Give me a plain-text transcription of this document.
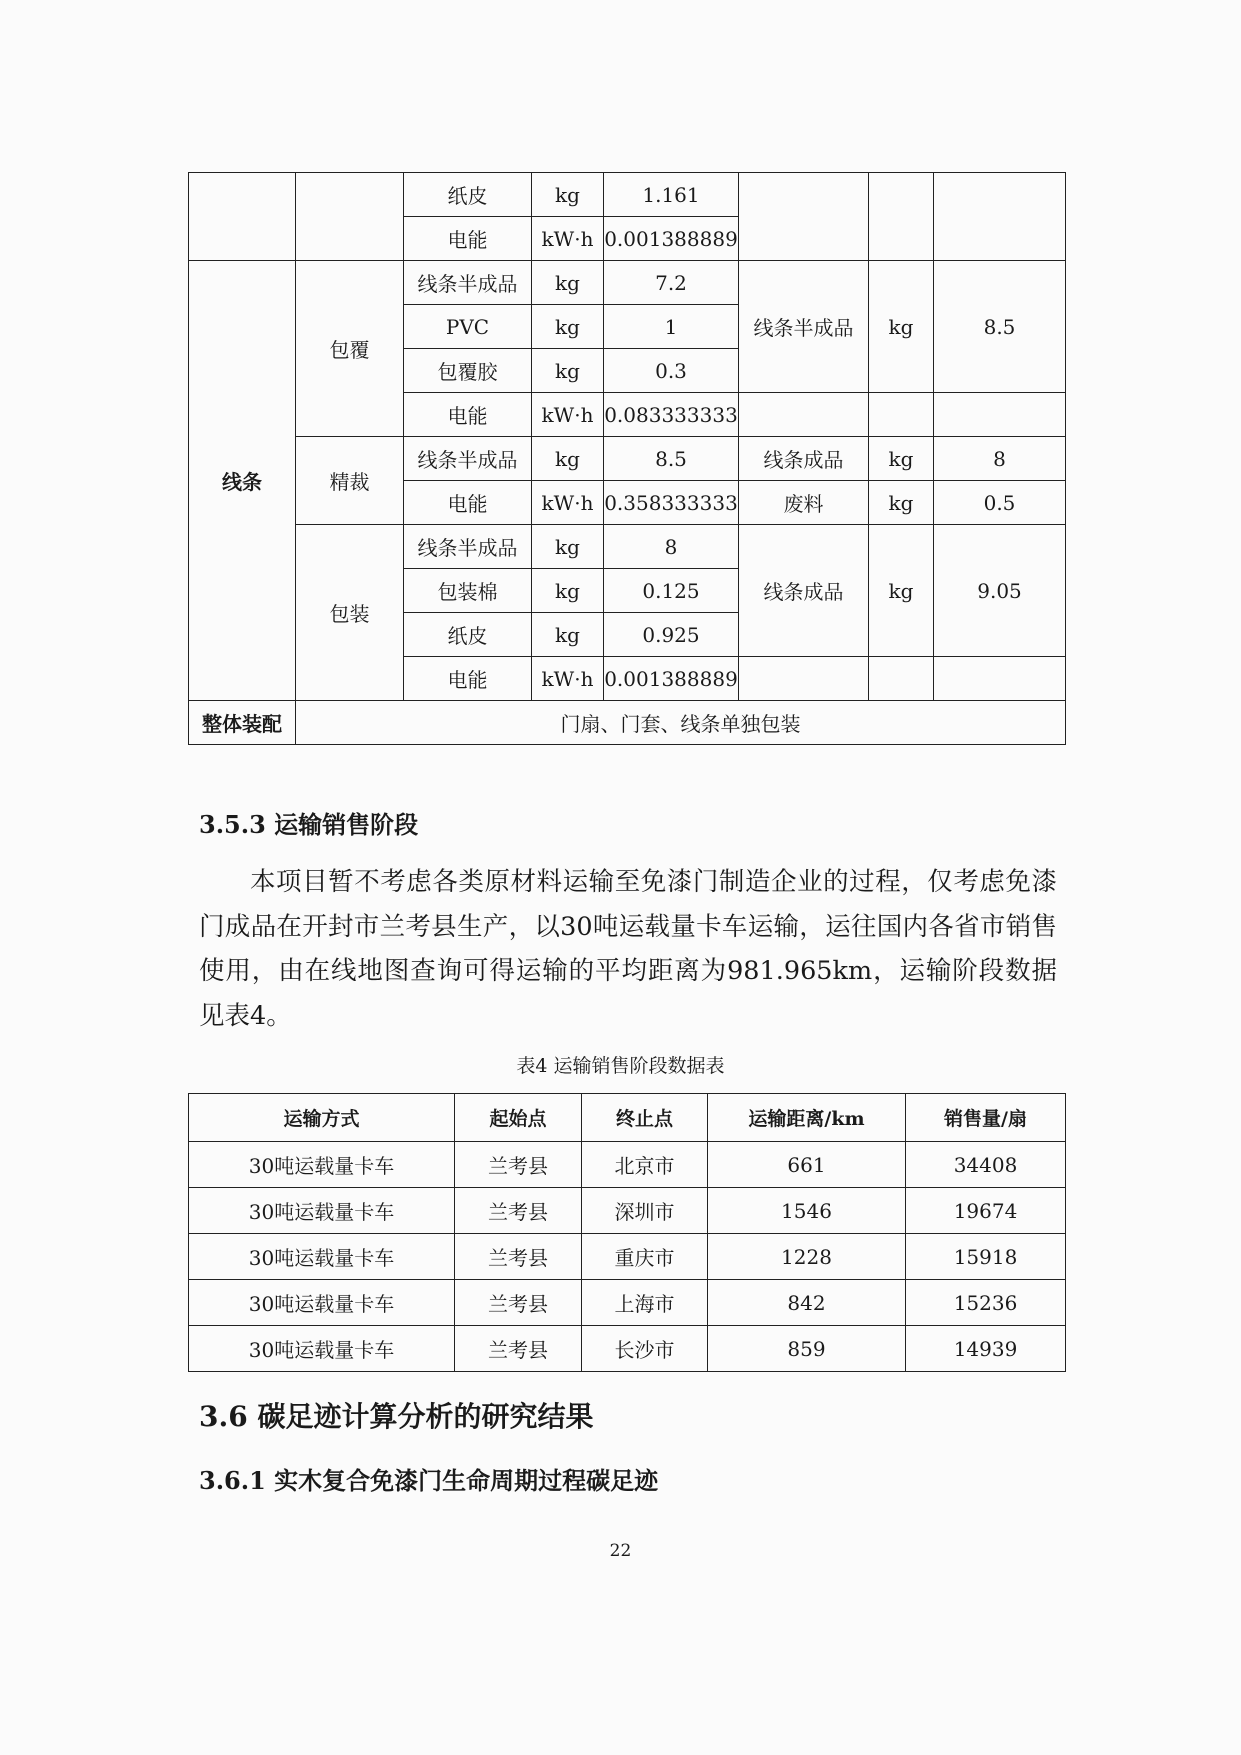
		纸皮	kg	1.161			
		电能	kW·h	0.001388889			
线条	包覆	线条半成品	kg	7.2	线条半成品	kg	8.5
		PVC	kg	1			
		包覆胶	kg	0.3			
		电能	kW·h	0.083333333			
	精裁	线条半成品	kg	8.5	线条成品	kg	8
		电能	kW·h	0.358333333	废料	kg	0.5
	包装	线条半成品	kg	8	线条成品	kg	9.05
		包装棉	kg	0.125			
		纸皮	kg	0.925			
		电能	kW·h	0.001388889			
整体装配	门扇、门套、线条单独包装						
3.5.3 运输销售阶段

本项目暂不考虑各类原材料运输至免漆门制造企业的过程，仅考虑免漆门成品在开封市兰考县生产，以30吨运载量卡车运输，运往国内各省市销售使用，由在线地图查询可得运输的平均距离为981.965km，运输阶段数据见表4。

表4 运输销售阶段数据表
运输方式	起始点	终止点	运输距离/km	销售量/扇
30吨运载量卡车	兰考县	北京市	661	34408
30吨运载量卡车	兰考县	深圳市	1546	19674
30吨运载量卡车	兰考县	重庆市	1228	15918
30吨运载量卡车	兰考县	上海市	842	15236
30吨运载量卡车	兰考县	长沙市	859	14939
3.6 碳足迹计算分析的研究结果
3.6.1 实木复合免漆门生命周期过程碳足迹
22
